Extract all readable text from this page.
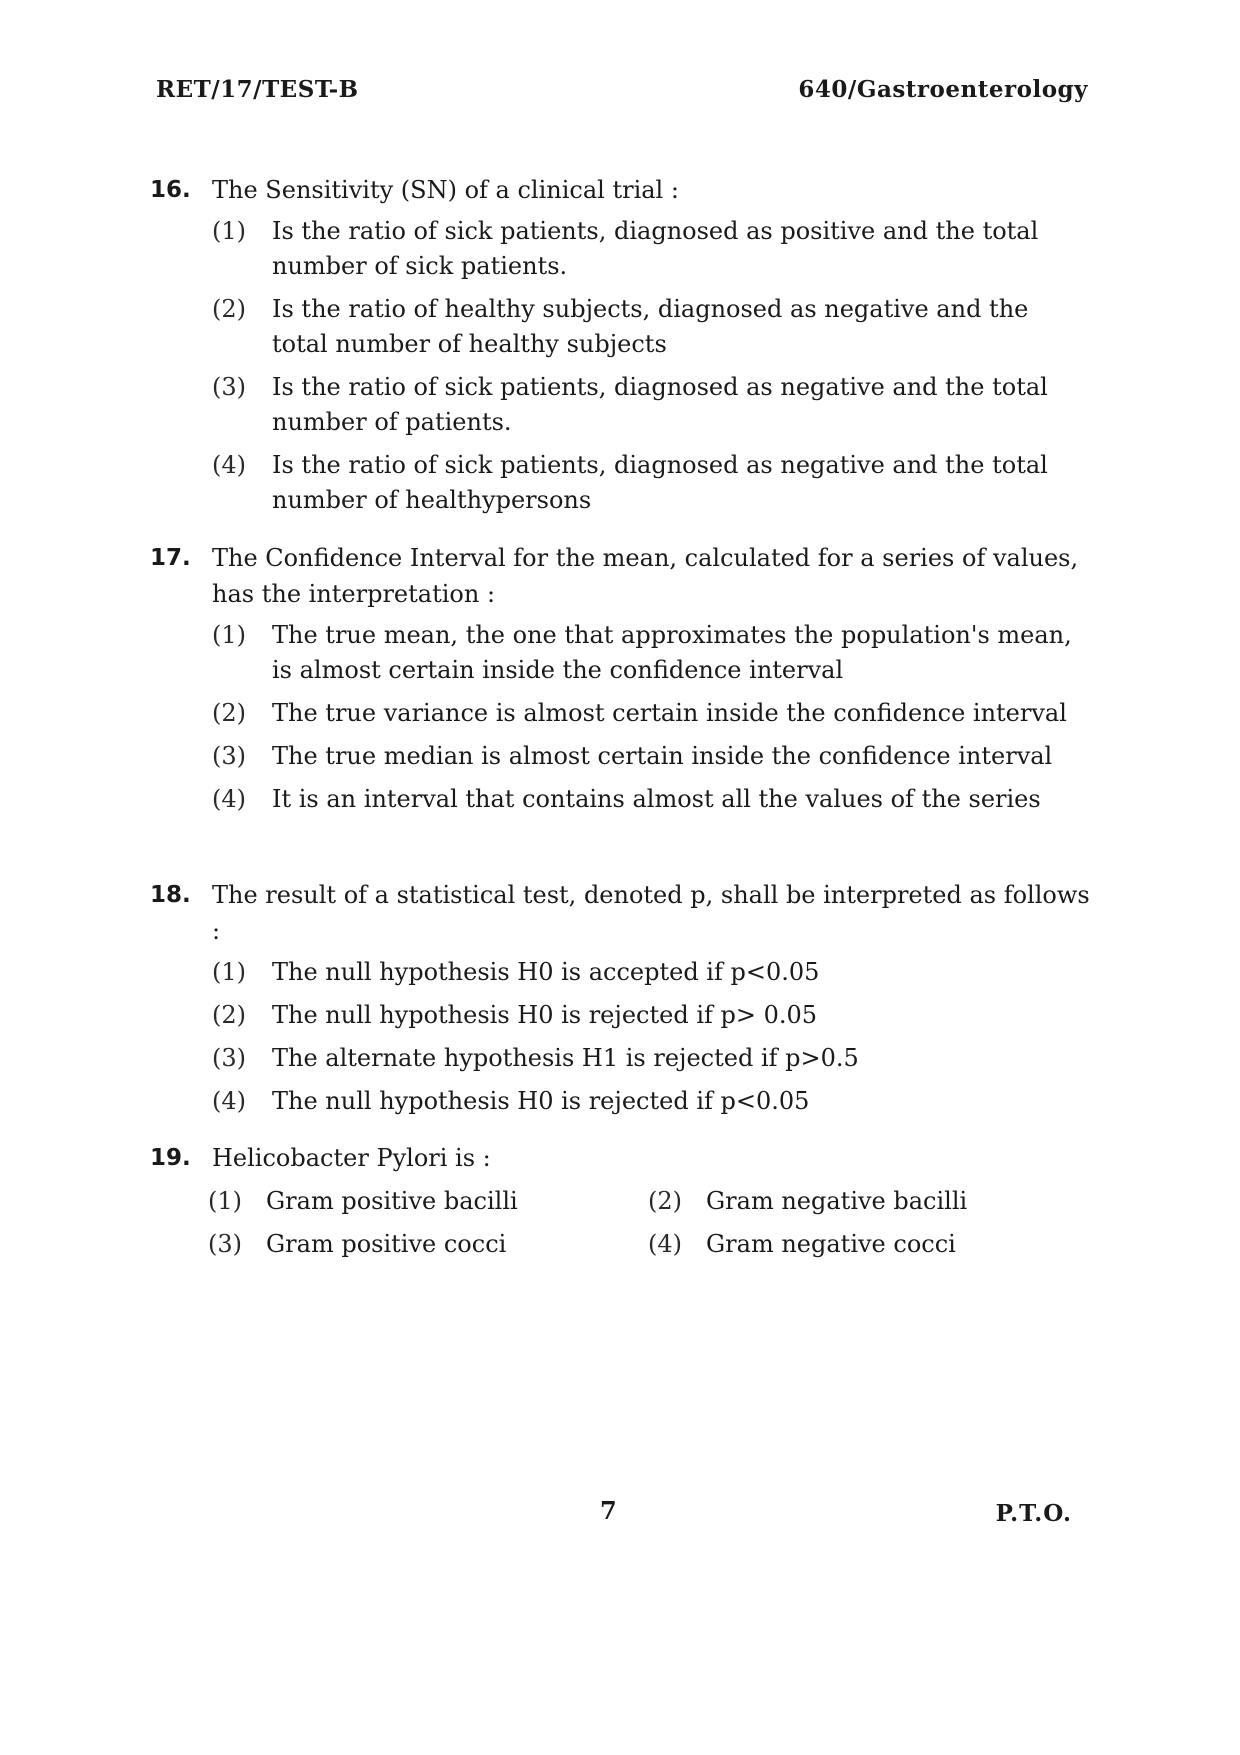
RET/17/TEST-B	640/Gastroenterology
16. The Sensitivity (SN) of a clinical trial :
(1)	Is the ratio of sick patients, diagnosed as positive and the total number of sick patients.
(2)	Is the ratio of healthy subjects, diagnosed as negative and the total number of healthy subjects
(3)	Is the ratio of sick patients, diagnosed as negative and the total number of patients.
(4)	Is the ratio of sick patients, diagnosed as negative and the total number of healthypersons
17. The Confidence Interval for the mean, calculated for a series of values, has the interpretation :
(1)	The true mean, the one that approximates the population's mean, is almost certain inside the confidence interval
(2)	The true variance is almost certain inside the confidence interval
(3)	The true median is almost certain inside the confidence interval
(4)	It is an interval that contains almost all the values of the series
18. The result of a statistical test, denoted p, shall be interpreted as follows :
(1)	The null hypothesis H0 is accepted if p<0.05
(2)	The null hypothesis H0 is rejected if p> 0.05
(3)	The alternate hypothesis H1 is rejected if p>0.5
(4)	The null hypothesis H0 is rejected if p<0.05
19. Helicobacter Pylori is :
(1)	Gram positive bacilli	(2)	Gram negative bacilli
(3)	Gram positive cocci	(4)	Gram negative cocci
7	P.T.O.
